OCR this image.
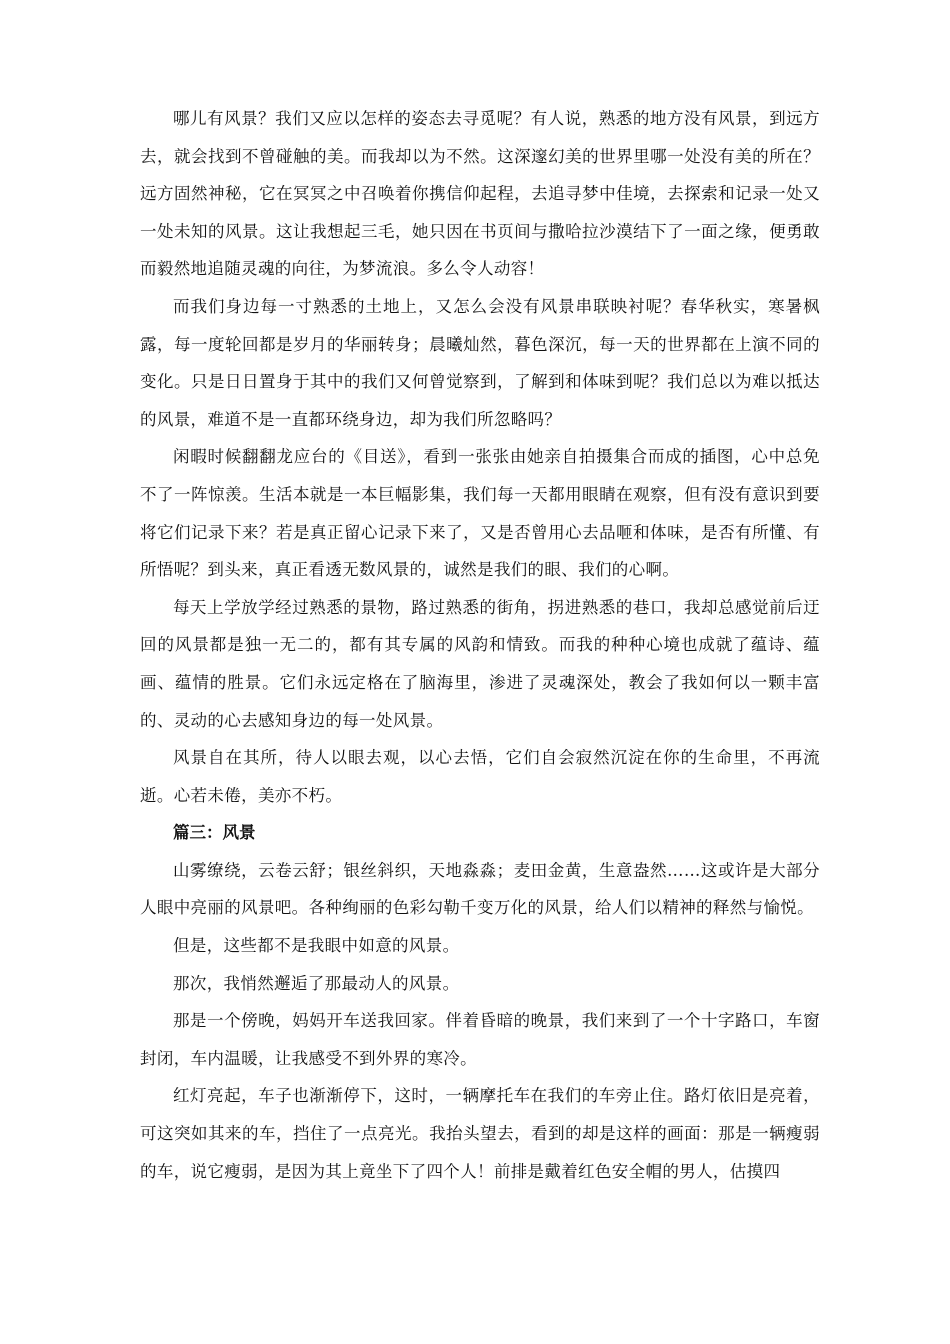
哪儿有风景？我们又应以怎样的姿态去寻觅呢？有人说，熟悉的地方没有风景，到远方去，就会找到不曾碰触的美。而我却以为不然。这深邃幻美的世界里哪一处没有美的所在？远方固然神秘，它在冥冥之中召唤着你携信仰起程，去追寻梦中佳境，去探索和记录一处又一处未知的风景。这让我想起三毛，她只因在书页间与撒哈拉沙漠结下了一面之缘，便勇敢而毅然地追随灵魂的向往，为梦流浪。多么令人动容！

而我们身边每一寸熟悉的土地上，又怎么会没有风景串联映衬呢？春华秋实，寒暑枫露，每一度轮回都是岁月的华丽转身；晨曦灿然，暮色深沉，每一天的世界都在上演不同的变化。只是日日置身于其中的我们又何曾觉察到，了解到和体味到呢？我们总以为难以抵达的风景，难道不是一直都环绕身边，却为我们所忽略吗？

闲暇时候翻翻龙应台的《目送》，看到一张张由她亲自拍摄集合而成的插图，心中总免不了一阵惊羡。生活本就是一本巨幅影集，我们每一天都用眼睛在观察，但有没有意识到要将它们记录下来？若是真正留心记录下来了，又是否曾用心去品咂和体味，是否有所懂、有所悟呢？到头来，真正看透无数风景的，诚然是我们的眼、我们的心啊。

每天上学放学经过熟悉的景物，路过熟悉的街角，拐进熟悉的巷口，我却总感觉前后迂回的风景都是独一无二的，都有其专属的风韵和情致。而我的种种心境也成就了蕴诗、蕴画、蕴情的胜景。它们永远定格在了脑海里，渗进了灵魂深处，教会了我如何以一颗丰富的、灵动的心去感知身边的每一处风景。

风景自在其所，待人以眼去观，以心去悟，它们自会寂然沉淀在你的生命里，不再流逝。心若未倦，美亦不朽。

篇三：风景

山雾缭绕，云卷云舒；银丝斜织，天地淼淼；麦田金黄，生意盎然……这或许是大部分人眼中亮丽的风景吧。各种绚丽的色彩勾勒千变万化的风景，给人们以精神的释然与愉悦。

但是，这些都不是我眼中如意的风景。

那次，我悄然邂逅了那最动人的风景。

那是一个傍晚，妈妈开车送我回家。伴着昏暗的晚景，我们来到了一个十字路口，车窗封闭，车内温暖，让我感受不到外界的寒冷。

红灯亮起，车子也渐渐停下，这时，一辆摩托车在我们的车旁止住。路灯依旧是亮着，可这突如其来的车，挡住了一点亮光。我抬头望去，看到的却是这样的画面：那是一辆瘦弱的车，说它瘦弱，是因为其上竟坐下了四个人！前排是戴着红色安全帽的男人，估摸四
